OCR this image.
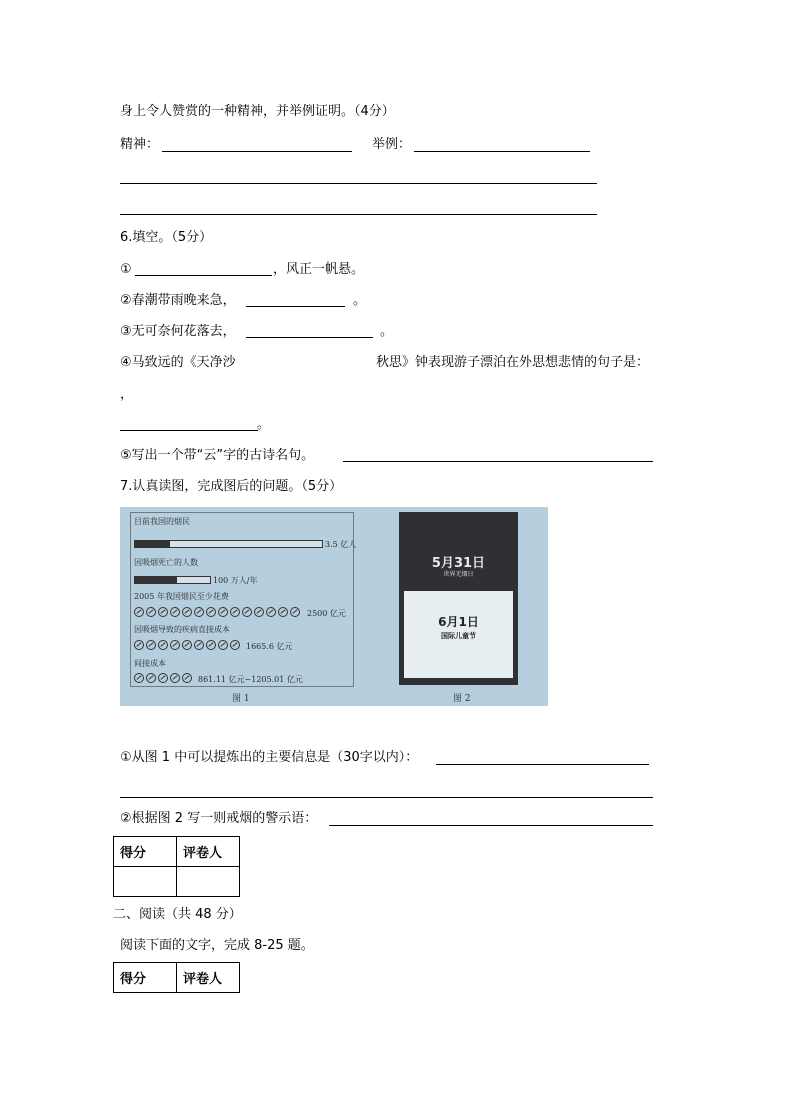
身上令人赞赏的一种精神，并举例证明。（4分）
精神：	举例：
6.填空。（5分）
①	，风正一帆悬。
②春潮带雨晚来急，	。
③无可奈何花落去，	。
④马致远的《天净沙	秋思》钟表现游子漂泊在外思想悲情的句子是：
，
。
⑤写出一个带“云”字的古诗名句。
7.认真读图，完成图后的问题。（5分）
目前我国的烟民
3.5 亿人
因吸烟死亡的人数
100 万人/年
2005 年我国烟民至少花费
2500 亿元
因吸烟导致的疾病直接成本
1665.6 亿元
间接成本
861.11 亿元~1205.01 亿元
图 1
5月31日
世界无烟日
6月1日
国际儿童节
图 2
①从图 1 中可以提炼出的主要信息是（30字以内）：
②根据图 2 写一则戒烟的警示语：
得分	评卷人

二、阅读（共 48 分）
阅读下面的文字，完成 8-25 题。
得分	评卷人
